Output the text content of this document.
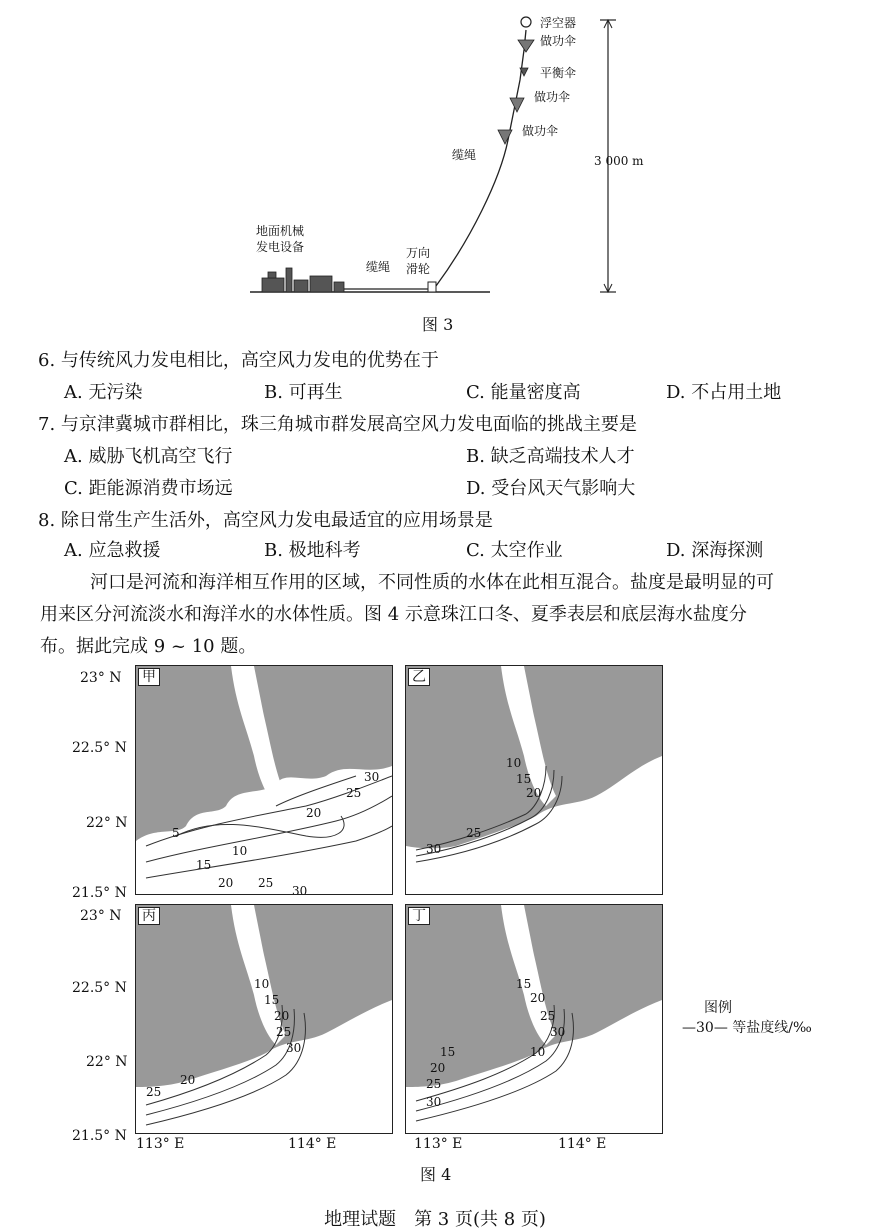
浮空器
做功伞
平衡伞
做功伞
做功伞
缆绳
缆绳
地面机械
发电设备	万向
滑轮
3 000 m
图 3
6. 与传统风力发电相比，高空风力发电的优势在于
A. 无污染	B. 可再生	C. 能量密度高	D. 不占用土地
7. 与京津冀城市群相比，珠三角城市群发展高空风力发电面临的挑战主要是
A. 威胁飞机高空飞行	B. 缺乏高端技术人才
C. 距能源消费市场远	D. 受台风天气影响大
8. 除日常生产生活外，高空风力发电最适宜的应用场景是
A. 应急救援	B. 极地科考	C. 太空作业	D. 深海探测
河口是河流和海洋相互作用的区域，不同性质的水体在此相互混合。盐度是最明显的可
用来区分河流淡水和海洋水的水体性质。图 4 示意珠江口冬、夏季表层和底层海水盐度分
布。据此完成 9 ~ 10 题。
23° N
22.5° N
22° N
21.5° N
23° N
22.5° N
22° N
21.5° N
甲
10
15
20 25
30
5
20
25
30
乙
10
15
20
25
30
丙
10
15
20
25
30
20
25
丁
15
20
25
30
10
15
20
25
30
113° E	114° E	113° E	114° E
图例
—30— 等盐度线/‰
图 4
地理试题　第 3 页(共 8 页)
